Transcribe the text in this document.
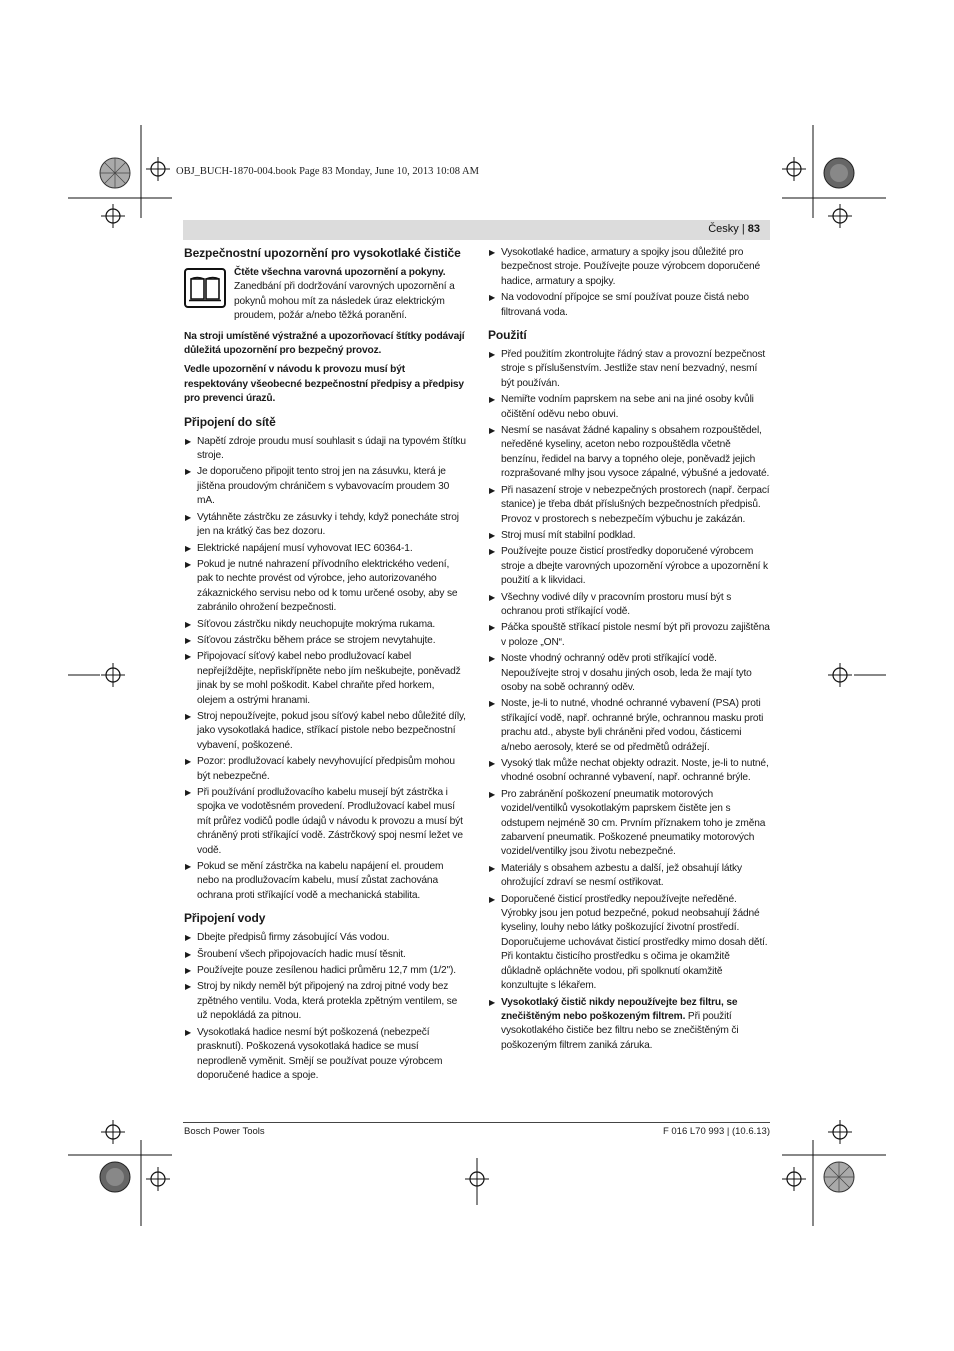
OBJ_BUCH-1870-004.book Page 83 Monday, June 10, 2013 10:08 AM
Česky | 83
Bezpečnostní upozornění pro vysokotlaké čističe
Čtěte všechna varovná upozornění a pokyny. Zanedbání při dodržování varovných upozornění a pokynů mohou mít za následek úraz elektrickým proudem, požár a/nebo těžká poranění.

Na stroji umístěné výstražné a upozorňovací štítky podávají důležitá upozornění pro bezpečný provoz.

Vedle upozornění v návodu k provozu musí být respektovány všeobecné bezpečnostní předpisy a předpisy pro prevenci úrazů.

Připojení do sítě
▶ Napětí zdroje proudu musí souhlasit s údaji na typovém štítku stroje.
▶ Je doporučeno připojit tento stroj jen na zásuvku, která je jištěna proudovým chráničem s vybavovacím proudem 30 mA.
▶ Vytáhněte zástrčku ze zásuvky i tehdy, když ponecháte stroj jen na krátký čas bez dozoru.
▶ Elektrické napájení musí vyhovovat IEC 60364-1.
▶ Pokud je nutné nahrazení přívodního elektrického vedení, pak to nechte provést od výrobce, jeho autorizovaného zákaznického servisu nebo od k tomu určené osoby, aby se zabránilo ohrožení bezpečnosti.
▶ Síťovou zástrčku nikdy neuchopujte mokrýma rukama.
▶ Síťovou zástrčku během práce se strojem nevytahujte.
▶ Připojovací síťový kabel nebo prodlužovací kabel nepřejíždějte, nepřiskřípněte nebo jím neškubejte, poněvadž jinak by se mohl poškodit. Kabel chraňte před horkem, olejem a ostrými hranami.
▶ Stroj nepoužívejte, pokud jsou síťový kabel nebo důležité díly, jako vysokotlaká hadice, stříkací pistole nebo bezpečnostní vybavení, poškozené.
▶ Pozor: prodlužovací kabely nevyhovující předpisům mohou být nebezpečné.
▶ Při používání prodlužovacího kabelu musejí být zástrčka i spojka ve vodotěsném provedení. Prodlužovací kabel musí mít průřez vodičů podle údajů v návodu k provozu a musí být chráněný proti stříkající vodě. Zástrčkový spoj nesmí ležet ve vodě.
▶ Pokud se mění zástrčka na kabelu napájení el. proudem nebo na prodlužovacím kabelu, musí zůstat zachována ochrana proti stříkající vodě a mechanická stabilita.
Připojení vody
▶ Dbejte předpisů firmy zásobující Vás vodou.
▶ Šroubení všech připojovacích hadic musí těsnit.
▶ Používejte pouze zesílenou hadici průměru 12,7 mm (1/2").
▶ Stroj by nikdy neměl být připojený na zdroj pitné vody bez zpětného ventilu. Voda, která protekla zpětným ventilem, se už nepokládá za pitnou.
▶ Vysokotlaká hadice nesmí být poškozená (nebezpečí prasknutí). Poškozená vysokotlaká hadice se musí neprodleně vyměnit. Smějí se používat pouze výrobcem doporučené hadice a spoje.
▶ Vysokotlaké hadice, armatury a spojky jsou důležité pro bezpečnost stroje. Používejte pouze výrobcem doporučené hadice, armatury a spojky.
▶ Na vodovodní přípojce se smí používat pouze čistá nebo filtrovaná voda.
Použití
▶ Před použitím zkontrolujte řádný stav a provozní bezpečnost stroje s příslušenstvím. Jestliže stav není bezvadný, nesmí být používán.
▶ Nemiřte vodním paprskem na sebe ani na jiné osoby kvůli očištění oděvu nebo obuvi.
▶ Nesmí se nasávat žádné kapaliny s obsahem rozpouštědel, neředěné kyseliny, aceton nebo rozpouštědla včetně benzínu, ředidel na barvy a topného oleje, poněvadž jejich rozprašované mlhy jsou vysoce zápalné, výbušné a jedovaté.
▶ Při nasazení stroje v nebezpečných prostorech (např. čerpací stanice) je třeba dbát příslušných bezpečnostních předpisů. Provoz v prostorech s nebezpečím výbuchu je zakázán.
▶ Stroj musí mít stabilní podklad.
▶ Používejte pouze čisticí prostředky doporučené výrobcem stroje a dbejte varovných upozornění výrobce a upozornění k použití a k likvidaci.
▶ Všechny vodivé díly v pracovním prostoru musí být s ochranou proti stříkající vodě.
▶ Páčka spouště stříkací pistole nesmí být při provozu zajištěna v poloze „ON“.
▶ Noste vhodný ochranný oděv proti stříkající vodě. Nepoužívejte stroj v dosahu jiných osob, leda že mají tyto osoby na sobě ochranný oděv.
▶ Noste, je-li to nutné, vhodné ochranné vybavení (PSA) proti stříkající vodě, např. ochranné brýle, ochrannou masku proti prachu atd., abyste byli chráněni před vodou, částicemi a/nebo aerosoly, které se od předmětů odrážejí.
▶ Vysoký tlak může nechat objekty odrazit. Noste, je-li to nutné, vhodné osobní ochranné vybavení, např. ochranné brýle.
▶ Pro zabránění poškození pneumatik motorových vozidel/ventilků vysokotlakým paprskem čistěte jen s odstupem nejméně 30 cm. Prvním příznakem toho je změna zabarvení pneumatik. Poškozené pneumatiky motorových vozidel/ventilky jsou životu nebezpečné.
▶ Materiály s obsahem azbestu a další, jež obsahují látky ohrožující zdraví se nesmí ostřikovat.
▶ Doporučené čisticí prostředky nepoužívejte neředěné. Výrobky jsou jen potud bezpečné, pokud neobsahují žádné kyseliny, louhy nebo látky poškozující životní prostředí. Doporučujeme uchovávat čisticí prostředky mimo dosah dětí. Při kontaktu čisticího prostředku s očima je okamžitě důkladně opláchněte vodou, při spolknutí okamžitě konzultujte s lékařem.
▶ Vysokotlaký čistič nikdy nepoužívejte bez filtru, se znečištěným nebo poškozeným filtrem. Při použití vysokotlakého čističe bez filtru nebo se znečištěným či poškozeným filtrem zaniká záruka.
Bosch Power Tools	F 016 L70 993 | (10.6.13)
